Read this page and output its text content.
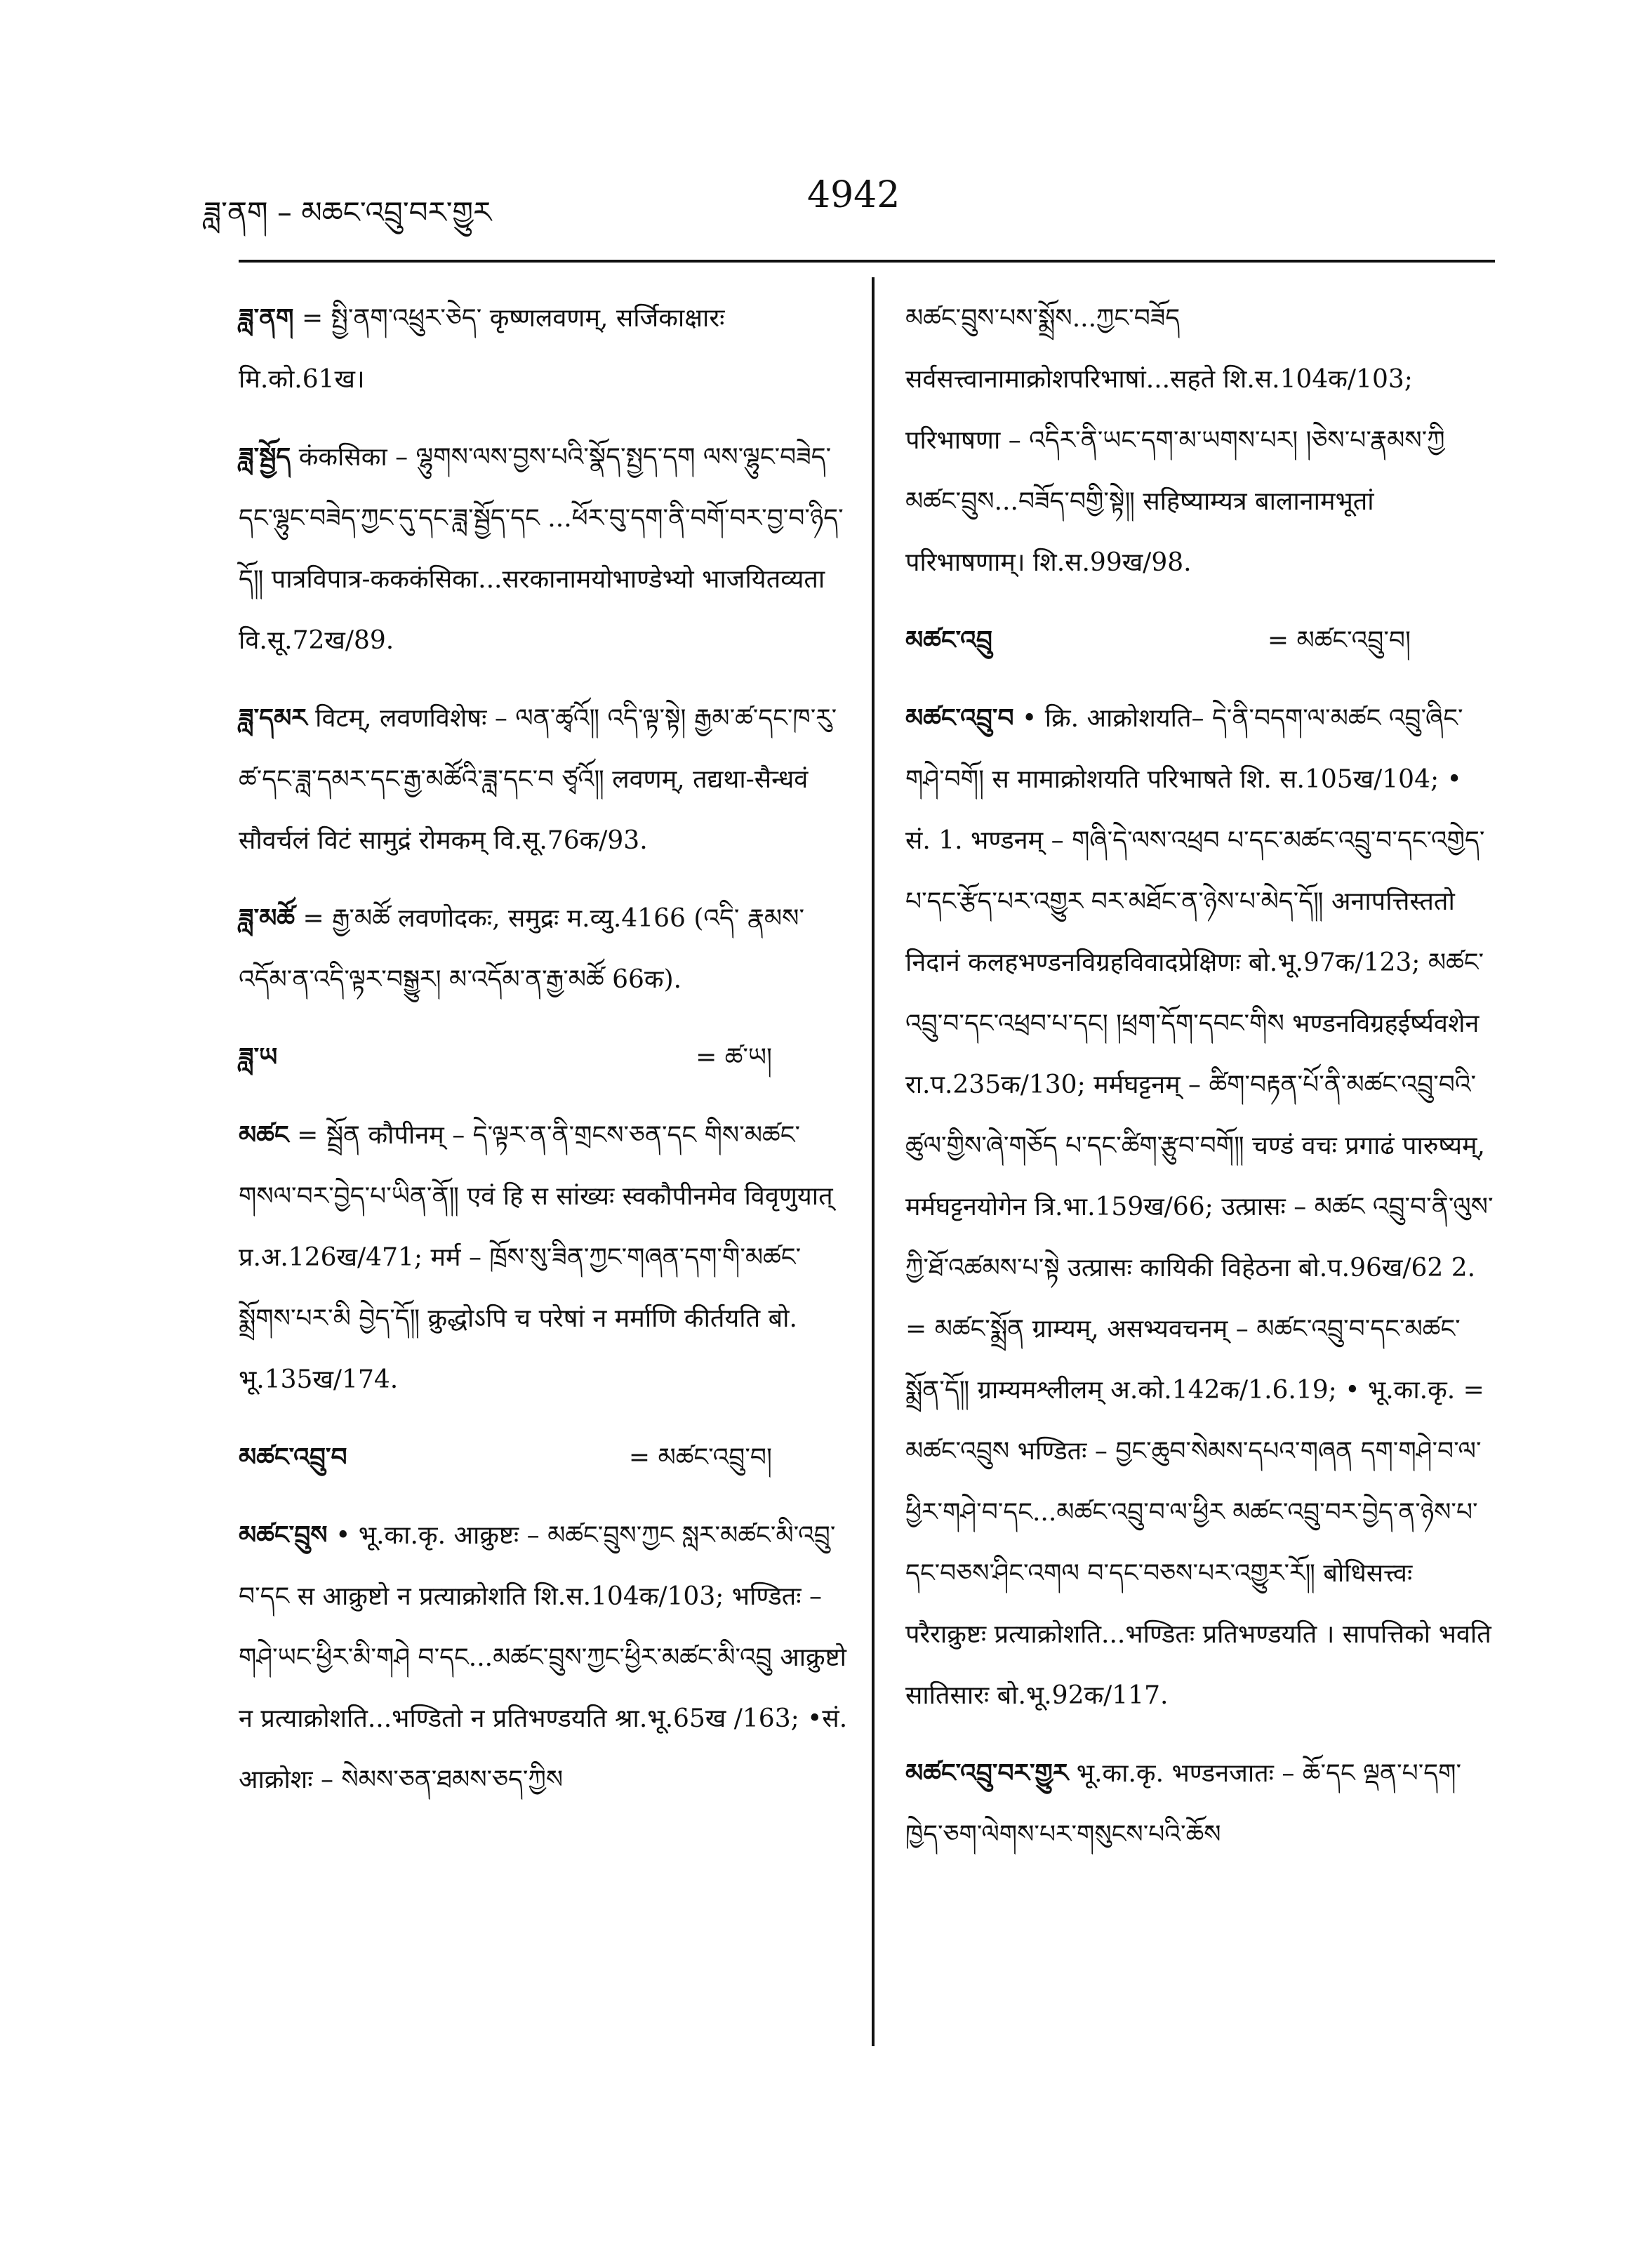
ཟླ་ནག – མཆང་འབྲུ་བར་གྱུར	4942

ཟླ་ནག = སྤྱི་ནག་འཕྲུར་ཅེད་ कृष्णलवणम्, सर्जिकाक्षारः मि.को.61ख।

ཟླ་སྦྱོད कंकसिका – ལྷུགས་ལས་བྱས་པའི་སྣོད་སྤྱད་དག ལས་ལྷུང་བཟེད་དང་ལྷུང་བཟེད་ཀྱང་དུ་དང་ཟླ་སྦྱོད་དང ...ཕོར་བུ་དག་ནི་བགོ་བར་བྱ་བ་ཉིད་དོ༎ पात्रविपात्र-कककंसिका...सरकानामयोभाण्डेभ्यो भाजयितव्यता वि.सू.72ख/89.

ཟླ་དམར विटम्, लवणविशेषः – ལན་ཚྭའོ༎ འདི་ལྟ་སྟེ། རྒྱམ་ཚ་དང་ཁ་རུ་ཚ་དང་ཟླ་དམར་དང་རྒྱ་མཚོའི་ཟླ་དང་བ ཙྭའོ༎ लवणम्, तद्यथा-सैन्धवं सौवर्चलं विटं सामुद्रं रोमकम् वि.सू.76क/93.

ཟླ་མཚོ = རྒྱ་མཚོ लवणोदकः, समुद्रः म.व्यु.4166 (འདི་ རྣམས་འདོམ་ན་འདི་ལྟར་བསྒྱུར། མ་འདོམ་ན་རྒྱ་མཚོ 66क).

ཟླ་ཡ	= ཚ་ཡ།

མཚང = སྦྲོན कौपीनम् – དེ་ལྟར་ན་ནི་གྲངས་ཅན་དང གིས་མཚང་གསལ་བར་བྱེད་པ་ཡིན་ནོ༎ एवं हि स सांख्यः स्वकौपीनमेव विवृणुयात् प्र.अ.126ख/471; मर्म – ཁྲོས་སུ་ཟིན་ཀྱང་གཞན་དག་གི་མཚང་སྨྲོགས་པར་མི བྱེད་དོ༎ क्रुद्धोऽपि च परेषां न मर्माणि कीर्तयति बो. भू.135ख/174.

མཚང་འབྲུ་བ	= མཚང་འབྲུ་བ།

མཚང་བྲུས • भू.का.कृ. आक्रुष्टः – མཚང་བྲུས་ཀྱང སླར་མཚང་མི་འབྲུ་བ་དང स आक्रुष्टो न प्रत्याक्रोशति शि.स.104क/103; भण्डितः – གཤེ་ཡང་ཕྱིར་མི་གཤེ བ་དང...མཚང་བྲུས་ཀྱང་ཕྱིར་མཚང་མི་འབྲུ आक्रुष्टो न प्रत्याक्रोशति...भण्डितो न प्रतिभण्डयति श्रा.भू.65ख /163; •सं. आक्रोशः – སེམས་ཅན་ཐམས་ཅད་ཀྱིས

མཚང་བྲུས་པས་སྨྲོས...ཀྱང་བཟོད सर्वसत्त्वानामाक्रोशपरिभाषां...सहते शि.स.104क/103; परिभाषणा – འདིར་ནི་ཡང་དག་མ་ཡགས་པར། །ཅེས་པ་རྣམས་ཀྱི མཚང་བྲུས...བཟོད་བགྱི་སྟེ༎ सहिष्याम्यत्र बालानामभूतां परिभाषणाम्। शि.स.99ख/98.

མཚང་འབྲུ	= མཚང་འབྲུ་བ།

མཚང་འབྲུ་བ • क्रि. आक्रोशयति– དེ་ནི་བདག་ལ་མཚང འབྲུ་ཞིང་གཤེ་བགོ། स मामाक्रोशयति परिभाषते शि. स.105ख/104; • सं. 1. भण्डनम् – གཞི་དེ་ལས་འཕྲབ པ་དང་མཚང་འབྲུ་བ་དང་འགྱེད་པ་དང་རྩོད་པར་འགྱུར བར་མཐོང་ན་ཉེས་པ་མེད་དོ༎ अनापत्तिस्ततो निदानं कलहभण्डनविग्रहविवादप्रेक्षिणः बो.भू.97क/123; མཚང་འབྲུ་བ་དང་འཕྲབ་པ་དང། །ཕྲག་དོག་དབང་གིས भण्डनविग्रहईर्ष्यवशेन रा.प.235क/130; मर्मघट्टनम् – ཚིག་བརྟན་པོ་ནི་མཚང་འབྲུ་བའི་ཚུལ་གྱིས་ཞེ་གཅོད པ་དང་ཚིག་རྩུབ་བགོ༎ चण्डं वचः प्रगाढं पारुष्यम्, मर्मघट्टनयोगेन त्रि.भा.159ख/66; उत्प्रासः – མཚང འབྲུ་བ་ནི་ལུས་ཀྱི་ཐོ་འཚམས་པ་སྟེ उत्प्रासः कायिकी विहेठना बो.प.96ख/62 2. = མཚང་སྨྲོན ग्राम्यम्, असभ्यवचनम् – མཚང་འབྲུ་བ་དང་མཚང་སྨྲོན་དོ༎ ग्राम्यमश्लीलम् अ.को.142क/1.6.19; • भू.का.कृ. = མཚང་འབྲུས भण्डितः – བྱང་ཆུབ་སེམས་དཔའ་གཞན དག་གཤེ་བ་ལ་ཕྱིར་གཤེ་བ་དང...མཚང་འབྲུ་བ་ལ་ཕྱིར མཚང་འབྲུ་བར་བྱེད་ན་ཉེས་པ་དང་བཅས་ཤིང་འགལ བ་དང་བཅས་པར་འགྱུར་རོ༎ बोधिसत्त्वः परैराक्रुष्टः प्रत्याक्रोशति...भण्डितः प्रतिभण्डयति । सापत्तिको भवति सातिसारः बो.भू.92क/117.

མཚང་འབྲུ་བར་གྱུར भू.का.कृ. भण्डनजातः – ཆོ་དང ལྡན་པ་དག་ཁྱེད་ཅག་ལེགས་པར་གསུངས་པའི་ཆོས
